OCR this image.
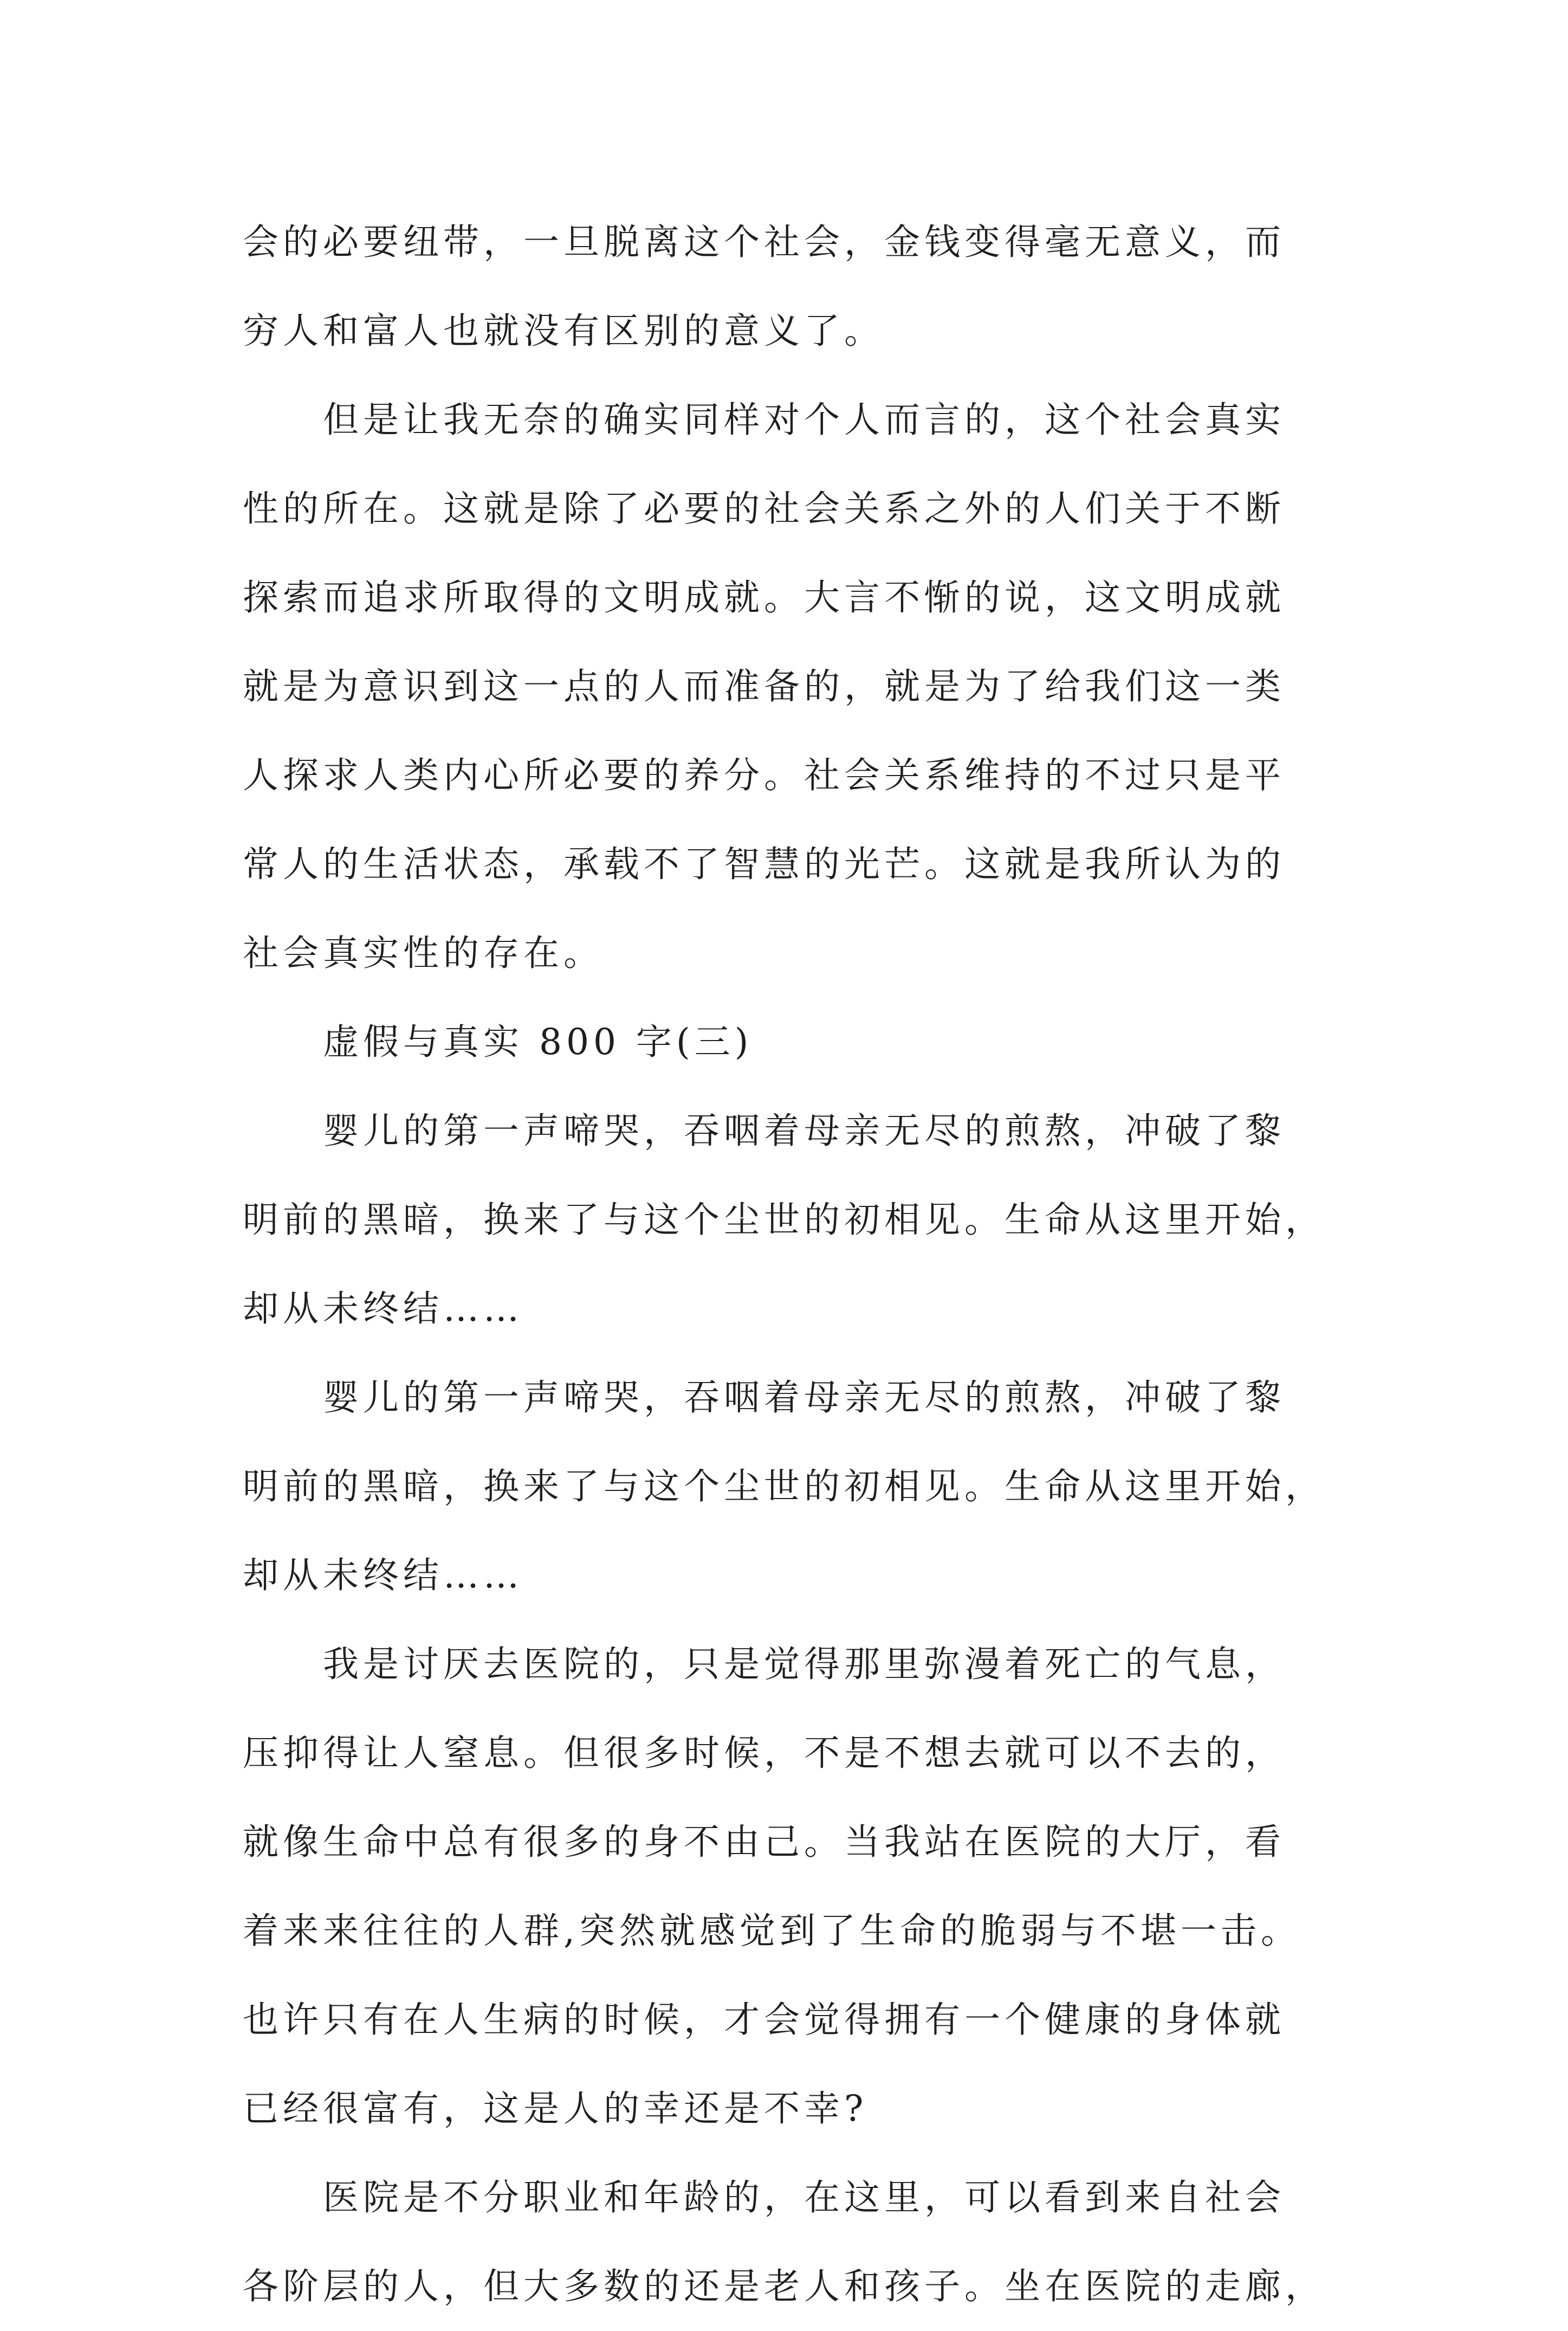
会的必要纽带，一旦脱离这个社会，金钱变得毫无意义，而
穷人和富人也就没有区别的意义了。
但是让我无奈的确实同样对个人而言的，这个社会真实
性的所在。这就是除了必要的社会关系之外的人们关于不断
探索而追求所取得的文明成就。大言不惭的说，这文明成就
就是为意识到这一点的人而准备的，就是为了给我们这一类
人探求人类内心所必要的养分。社会关系维持的不过只是平
常人的生活状态，承载不了智慧的光芒。这就是我所认为的
社会真实性的存在。
虚假与真实 800 字(三)
婴儿的第一声啼哭，吞咽着母亲无尽的煎熬，冲破了黎
明前的黑暗，换来了与这个尘世的初相见。生命从这里开始，
却从未终结……
婴儿的第一声啼哭，吞咽着母亲无尽的煎熬，冲破了黎
明前的黑暗，换来了与这个尘世的初相见。生命从这里开始，
却从未终结……
我是讨厌去医院的，只是觉得那里弥漫着死亡的气息，
压抑得让人窒息。但很多时候，不是不想去就可以不去的，
就像生命中总有很多的身不由己。当我站在医院的大厅，看
着来来往往的人群,突然就感觉到了生命的脆弱与不堪一击。
也许只有在人生病的时候，才会觉得拥有一个健康的身体就
已经很富有，这是人的幸还是不幸?
医院是不分职业和年龄的，在这里，可以看到来自社会
各阶层的人，但大多数的还是老人和孩子。坐在医院的走廊，
